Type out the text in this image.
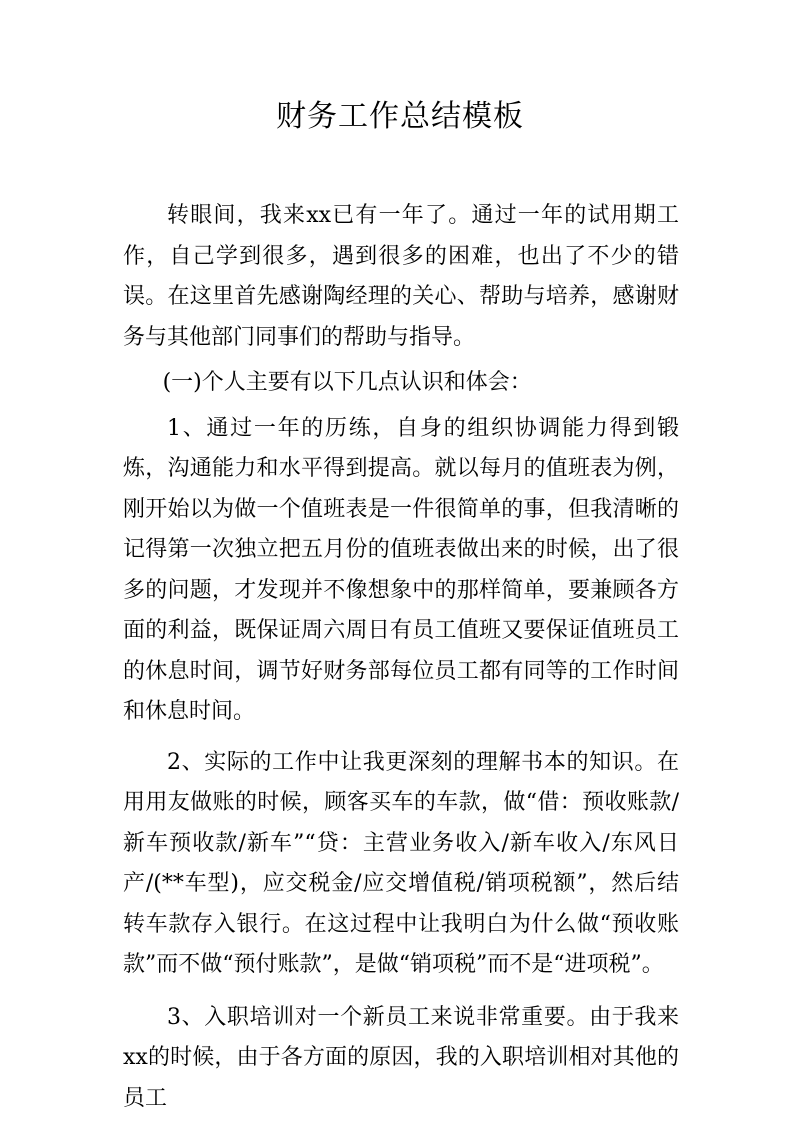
财务工作总结模板

转眼间，我来xx已有一年了。通过一年的试用期工作，自己学到很多，遇到很多的困难，也出了不少的错误。在这里首先感谢陶经理的关心、帮助与培养，感谢财务与其他部门同事们的帮助与指导。

(一)个人主要有以下几点认识和体会：

1、通过一年的历练，自身的组织协调能力得到锻炼，沟通能力和水平得到提高。就以每月的值班表为例，刚开始以为做一个值班表是一件很简单的事，但我清晰的记得第一次独立把五月份的值班表做出来的时候，出了很多的问题，才发现并不像想象中的那样简单，要兼顾各方面的利益，既保证周六周日有员工值班又要保证值班员工的休息时间，调节好财务部每位员工都有同等的工作时间和休息时间。

2、实际的工作中让我更深刻的理解书本的知识。在用用友做账的时候，顾客买车的车款，做“借：预收账款/新车预收款/新车”“贷：主营业务收入/新车收入/东风日产/(**车型)，应交税金/应交增值税/销项税额”，然后结转车款存入银行。在这过程中让我明白为什么做“预收账款”而不做“预付账款”，是做“销项税”而不是“进项税”。

3、入职培训对一个新员工来说非常重要。由于我来xx的时候，由于各方面的原因，我的入职培训相对其他的员工
